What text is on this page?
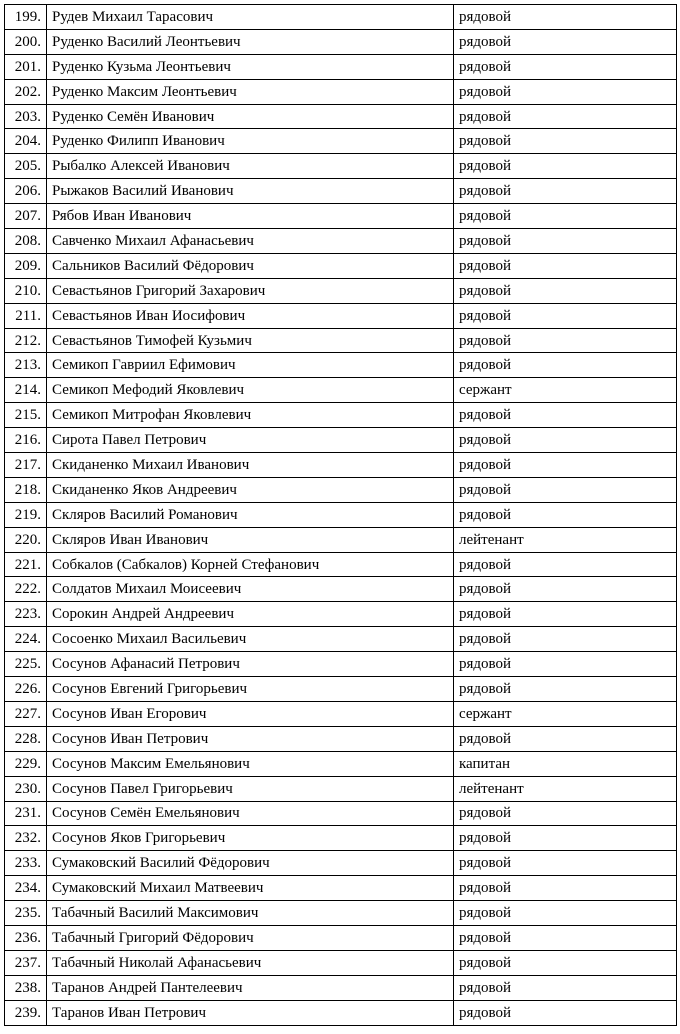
199.	Рудев Михаил Тарасович	рядовой
200.	Руденко Василий Леонтьевич	рядовой
201.	Руденко Кузьма Леонтьевич	рядовой
202.	Руденко Максим Леонтьевич	рядовой
203.	Руденко Семён Иванович	рядовой
204.	Руденко Филипп Иванович	рядовой
205.	Рыбалко Алексей Иванович	рядовой
206.	Рыжаков Василий Иванович	рядовой
207.	Рябов Иван Иванович	рядовой
208.	Савченко Михаил Афанасьевич	рядовой
209.	Сальников Василий Фёдорович	рядовой
210.	Севастьянов Григорий Захарович	рядовой
211.	Севастьянов Иван Иосифович	рядовой
212.	Севастьянов Тимофей Кузьмич	рядовой
213.	Семикоп Гавриил Ефимович	рядовой
214.	Семикоп Мефодий Яковлевич	сержант
215.	Семикоп Митрофан Яковлевич	рядовой
216.	Сирота Павел Петрович	рядовой
217.	Скиданенко Михаил Иванович	рядовой
218.	Скиданенко Яков Андреевич	рядовой
219.	Скляров Василий Романович	рядовой
220.	Скляров Иван Иванович	лейтенант
221.	Собкалов (Сабкалов) Корней Стефанович	рядовой
222.	Солдатов Михаил Моисеевич	рядовой
223.	Сорокин Андрей Андреевич	рядовой
224.	Сосоенко Михаил Васильевич	рядовой
225.	Сосунов Афанасий Петрович	рядовой
226.	Сосунов Евгений Григорьевич	рядовой
227.	Сосунов Иван Егорович	сержант
228.	Сосунов Иван Петрович	рядовой
229.	Сосунов Максим Емельянович	капитан
230.	Сосунов Павел Григорьевич	лейтенант
231.	Сосунов Семён Емельянович	рядовой
232.	Сосунов Яков Григорьевич	рядовой
233.	Сумаковский Василий Фёдорович	рядовой
234.	Сумаковский Михаил Матвеевич	рядовой
235.	Табачный Василий Максимович	рядовой
236.	Табачный Григорий Фёдорович	рядовой
237.	Табачный Николай Афанасьевич	рядовой
238.	Таранов Андрей Пантелеевич	рядовой
239.	Таранов Иван Петрович	рядовой
